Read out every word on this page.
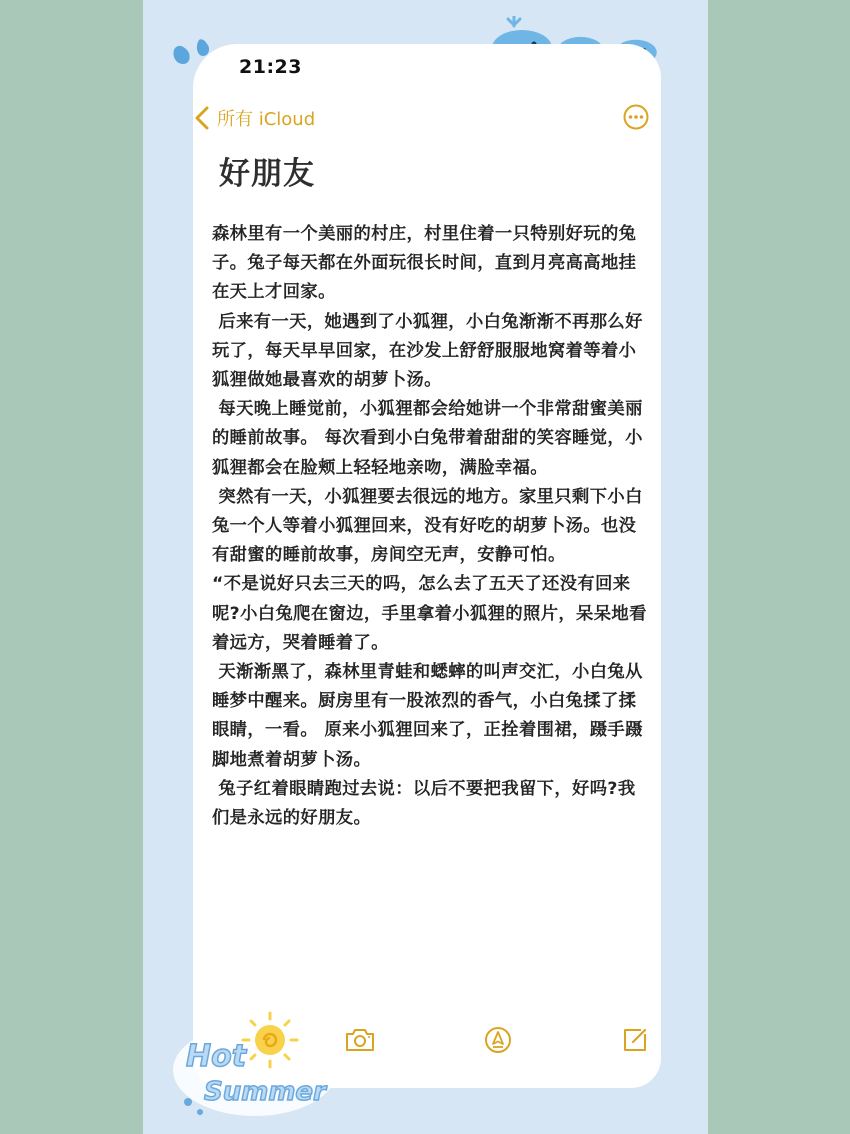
21:23
所有 iCloud
好朋友

森林里有一个美丽的村庄，村里住着一只特别好玩的兔子。兔子每天都在外面玩很长时间，直到月亮高高地挂在天上才回家。

后来有一天，她遇到了小狐狸，小白兔渐渐不再那么好玩了，每天早早回家，在沙发上舒舒服服地窝着等着小狐狸做她最喜欢的胡萝卜汤。

每天晚上睡觉前，小狐狸都会给她讲一个非常甜蜜美丽的睡前故事。 每次看到小白兔带着甜甜的笑容睡觉，小狐狸都会在脸颊上轻轻地亲吻，满脸幸福。

突然有一天，小狐狸要去很远的地方。家里只剩下小白兔一个人等着小狐狸回来，没有好吃的胡萝卜汤。也没有甜蜜的睡前故事，房间空无声，安静可怕。

“不是说好只去三天的吗，怎么去了五天了还没有回来呢?小白兔爬在窗边，手里拿着小狐狸的照片，呆呆地看着远方，哭着睡着了。

天渐渐黑了，森林里青蛙和蟋蟀的叫声交汇，小白兔从睡梦中醒来。厨房里有一股浓烈的香气，小白兔揉了揉眼睛，一看。 原来小狐狸回来了，正拴着围裙，蹑手蹑脚地煮着胡萝卜汤。

兔子红着眼睛跑过去说：以后不要把我留下，好吗?我们是永远的好朋友。

Hot
Summer
